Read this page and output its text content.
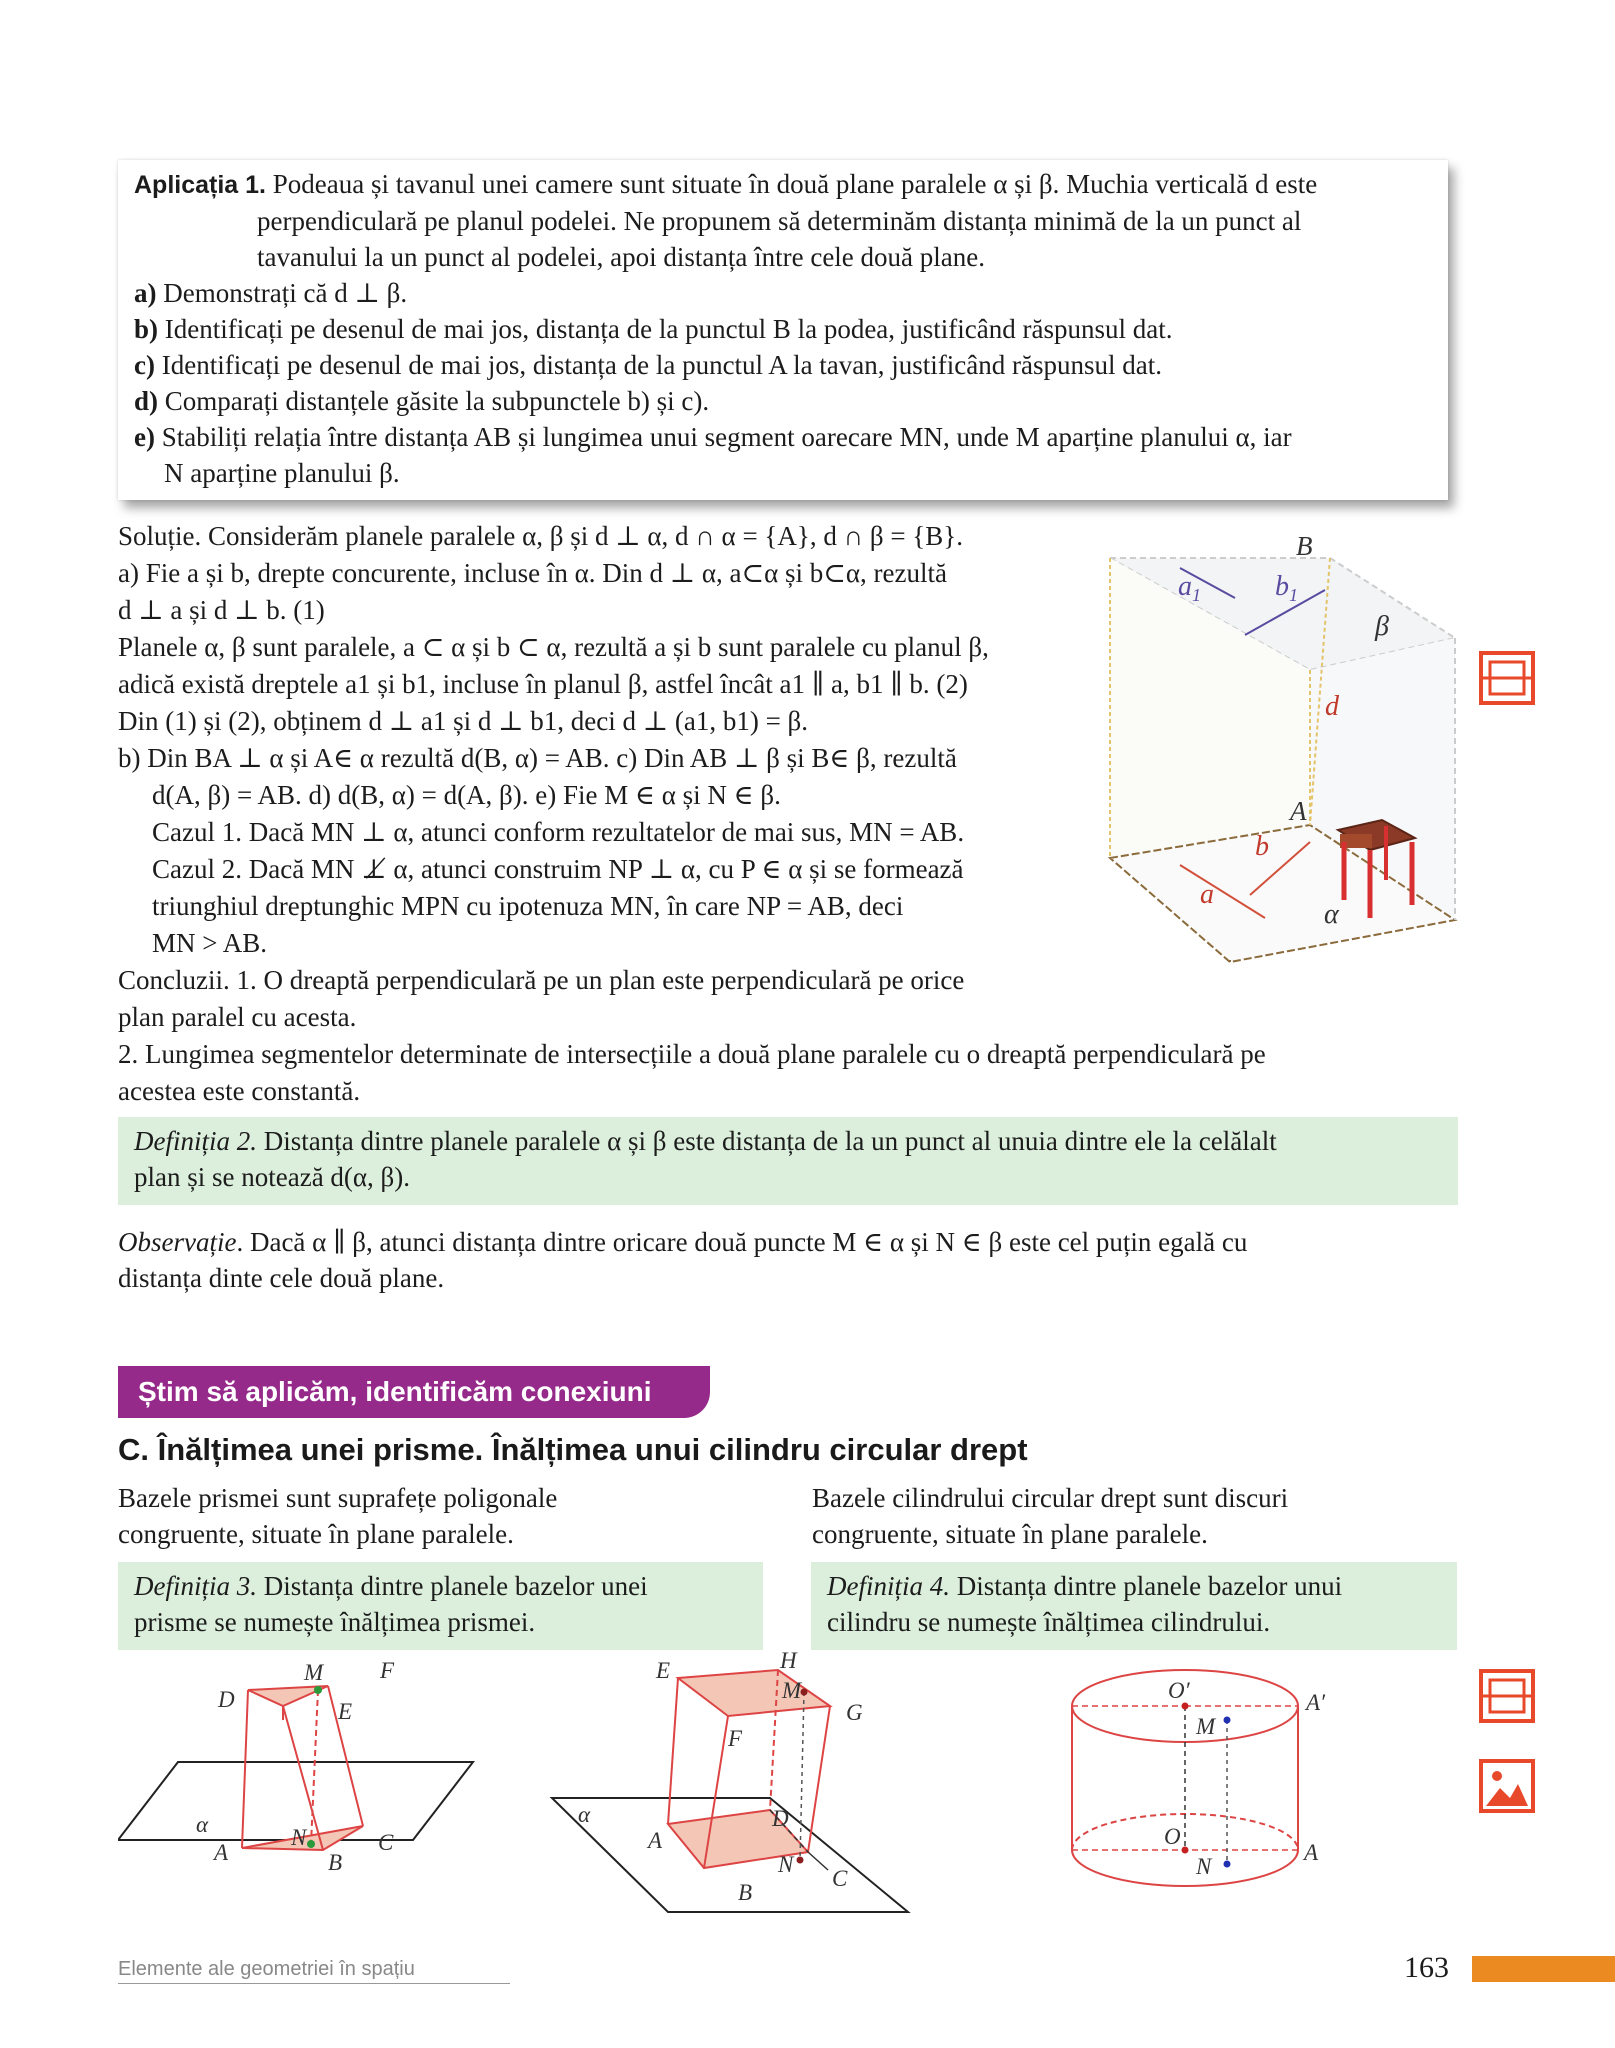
Aplicația 1. Podeaua și tavanul unei camere sunt situate în două plane paralele α și β. Muchia verticală d este
perpendiculară pe planul podelei. Ne propunem să determinăm distanța minimă de la un punct al
tavanului la un punct al podelei, apoi distanța între cele două plane.
a) Demonstrați că d ⊥ β.
b) Identificați pe desenul de mai jos, distanța de la punctul B la podea, justificând răspunsul dat.
c) Identificați pe desenul de mai jos, distanța de la punctul A la tavan, justificând răspunsul dat.
d) Comparați distanțele găsite la subpunctele b) și c).
e) Stabiliți relația între distanța AB și lungimea unui segment oarecare MN, unde M aparține planului α, iar
N aparține planului β.
Soluție. Considerăm planele paralele α, β și d ⊥ α, d ∩ α = {A}, d ∩ β = {B}.
a) Fie a și b, drepte concurente, incluse în α. Din d ⊥ α, a⊂α și b⊂α, rezultă
d ⊥ a și d ⊥ b. (1)
Planele α, β sunt paralele, a ⊂ α și b ⊂ α, rezultă a și b sunt paralele cu planul β,
adică există dreptele a1 și b1, incluse în planul β, astfel încât a1 ∥ a, b1 ∥ b. (2)
Din (1) și (2), obținem d ⊥ a1 și d ⊥ b1, deci d ⊥ (a1, b1) = β.
b) Din BA ⊥ α și A∈ α rezultă d(B, α) = AB. c) Din AB ⊥ β și B∈ β, rezultă
d(A, β) = AB. d) d(B, α) = d(A, β). e) Fie M ∈ α și N ∈ β.
Cazul 1. Dacă MN ⊥ α, atunci conform rezultatelor de mai sus, MN = AB.
Cazul 2. Dacă MN ⊥̸ α, atunci construim NP ⊥ α, cu P ∈ α și se formează
triunghiul dreptunghic MPN cu ipotenuza MN, în care NP = AB, deci
MN > AB.
Concluzii. 1. O dreaptă perpendiculară pe un plan este perpendiculară pe orice
plan paralel cu acesta.
2. Lungimea segmentelor determinate de intersecțiile a două plane paralele cu o dreaptă perpendiculară pe
acestea este constantă.
B
$a_1$	$b_1$
β
d
A
b
a
α
Definiția 2. Distanța dintre planele paralele α și β este distanța de la un punct al unuia dintre ele la celălalt
plan și se notează d(α, β).
Observație. Dacă α ∥ β, atunci distanța dintre oricare două puncte M ∈ α și N ∈ β este cel puțin egală cu
distanța dinte cele două plane.
Știm să aplicăm, identificăm conexiuni
C. Înălțimea unei prisme. Înălțimea unui cilindru circular drept
Bazele prismei sunt suprafețe poligonale
congruente, situate în plane paralele.
Bazele cilindrului circular drept sunt discuri
congruente, situate în plane paralele.
Definiția 3. Distanța dintre planele bazelor unei
prisme se numește înălțimea prismei.
Definiția 4. Distanța dintre planele bazelor unui
cilindru se numește înălțimea cilindrului.
M F
D	E
α
N	C
A	B
H
E
M
G
F
α	D
A
N
C
B
O′	A′
M
O
A
N
Elemente ale geometriei în spațiu	163
